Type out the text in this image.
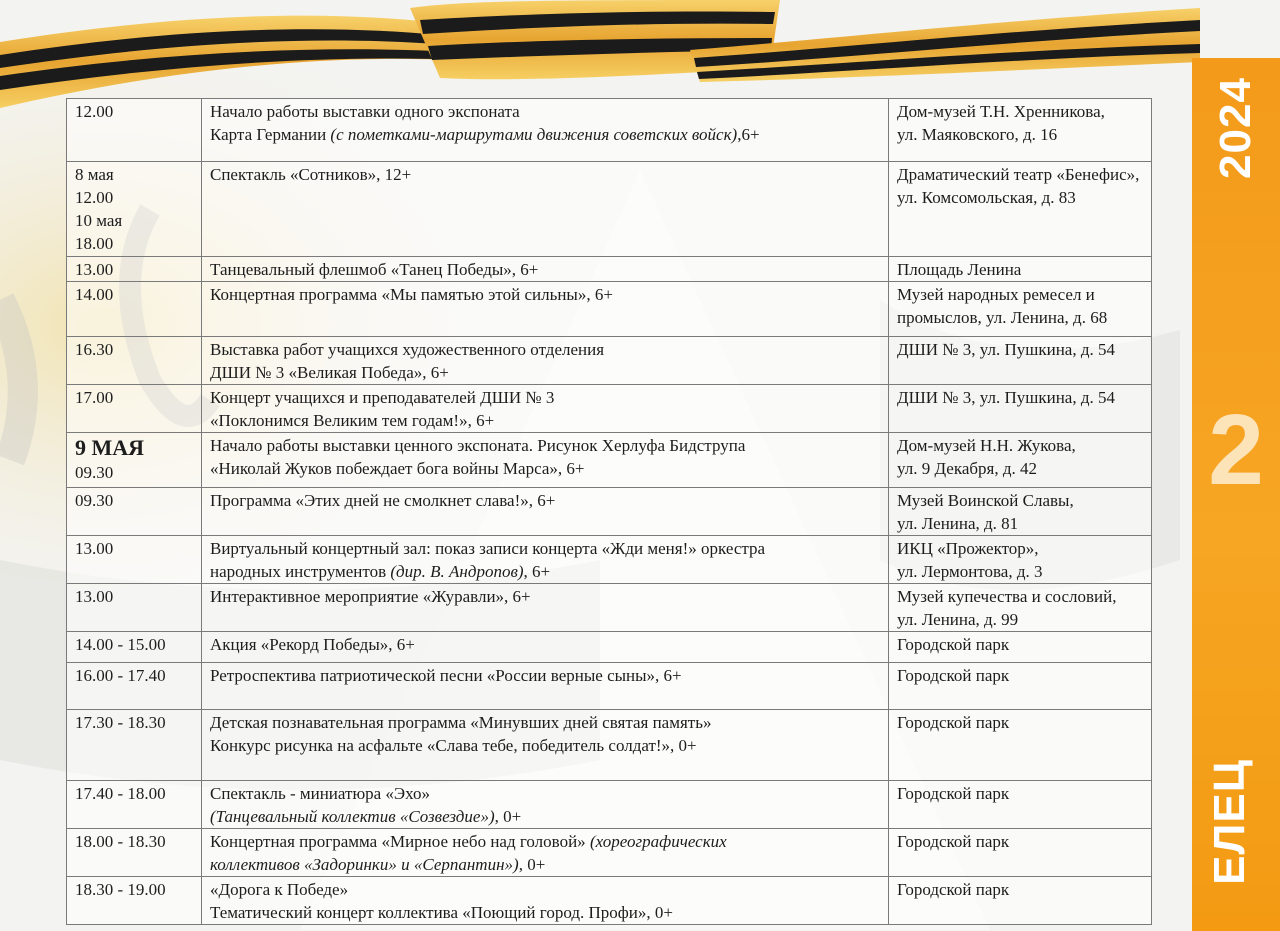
2024
2
ЕЛЕЦ
12.00	Начало работы выставки одного экспоната
Карта Германии (с пометками-маршрутами движения советских войск),6+	Дом-музей Т.Н. Хренникова,
ул. Маяковского, д. 16

8 мая
12.00
10 мая
18.00	Спектакль «Сотников», 12+	Драматический театр «Бенефис»,
ул. Комсомольская, д. 83

13.00	Танцевальный флешмоб «Танец Победы», 6+	Площадь Ленина

14.00	Концертная программа «Мы памятью этой сильны», 6+	Музей народных ремесел и
промыслов, ул. Ленина, д. 68

16.30	Выставка работ учащихся художественного отделения
ДШИ № 3 «Великая Победа», 6+	ДШИ № 3, ул. Пушкина, д. 54

17.00	Концерт учащихся и преподавателей ДШИ № 3
«Поклонимся Великим тем годам!», 6+	ДШИ № 3, ул. Пушкина, д. 54

9 МАЯ
09.30	Начало работы выставки ценного экспоната. Рисунок Херлуфа Бидструпа
«Николай Жуков побеждает бога войны Марса», 6+	Дом-музей Н.Н. Жукова,
ул. 9 Декабря, д. 42

09.30	Программа «Этих дней не смолкнет слава!», 6+	Музей Воинской Славы,
ул. Ленина, д. 81

13.00	Виртуальный концертный зал: показ записи концерта «Жди меня!» оркестра
народных инструментов (дир. В. Андропов), 6+	ИКЦ «Прожектор»,
ул. Лермонтова, д. 3

13.00	Интерактивное мероприятие «Журавли», 6+	Музей купечества и сословий,
ул. Ленина, д. 99

14.00 - 15.00	Акция «Рекорд Победы», 6+	Городской парк

16.00 - 17.40	Ретроспектива патриотической песни «России верные сыны», 6+	Городской парк

17.30 - 18.30	Детская познавательная программа «Минувших дней святая память»
Конкурс рисунка на асфальте «Слава тебе, победитель солдат!», 0+	Городской парк

17.40 - 18.00	Спектакль - миниатюра «Эхо»
(Танцевальный коллектив «Созвездие»), 0+	Городской парк

18.00 - 18.30	Концертная программа «Мирное небо над головой» (хореографических
коллективов «Задоринки» и «Серпантин»), 0+	Городской парк

18.30 - 19.00	«Дорога к Победе»
Тематический концерт коллектива «Поющий город. Профи», 0+	Городской парк
